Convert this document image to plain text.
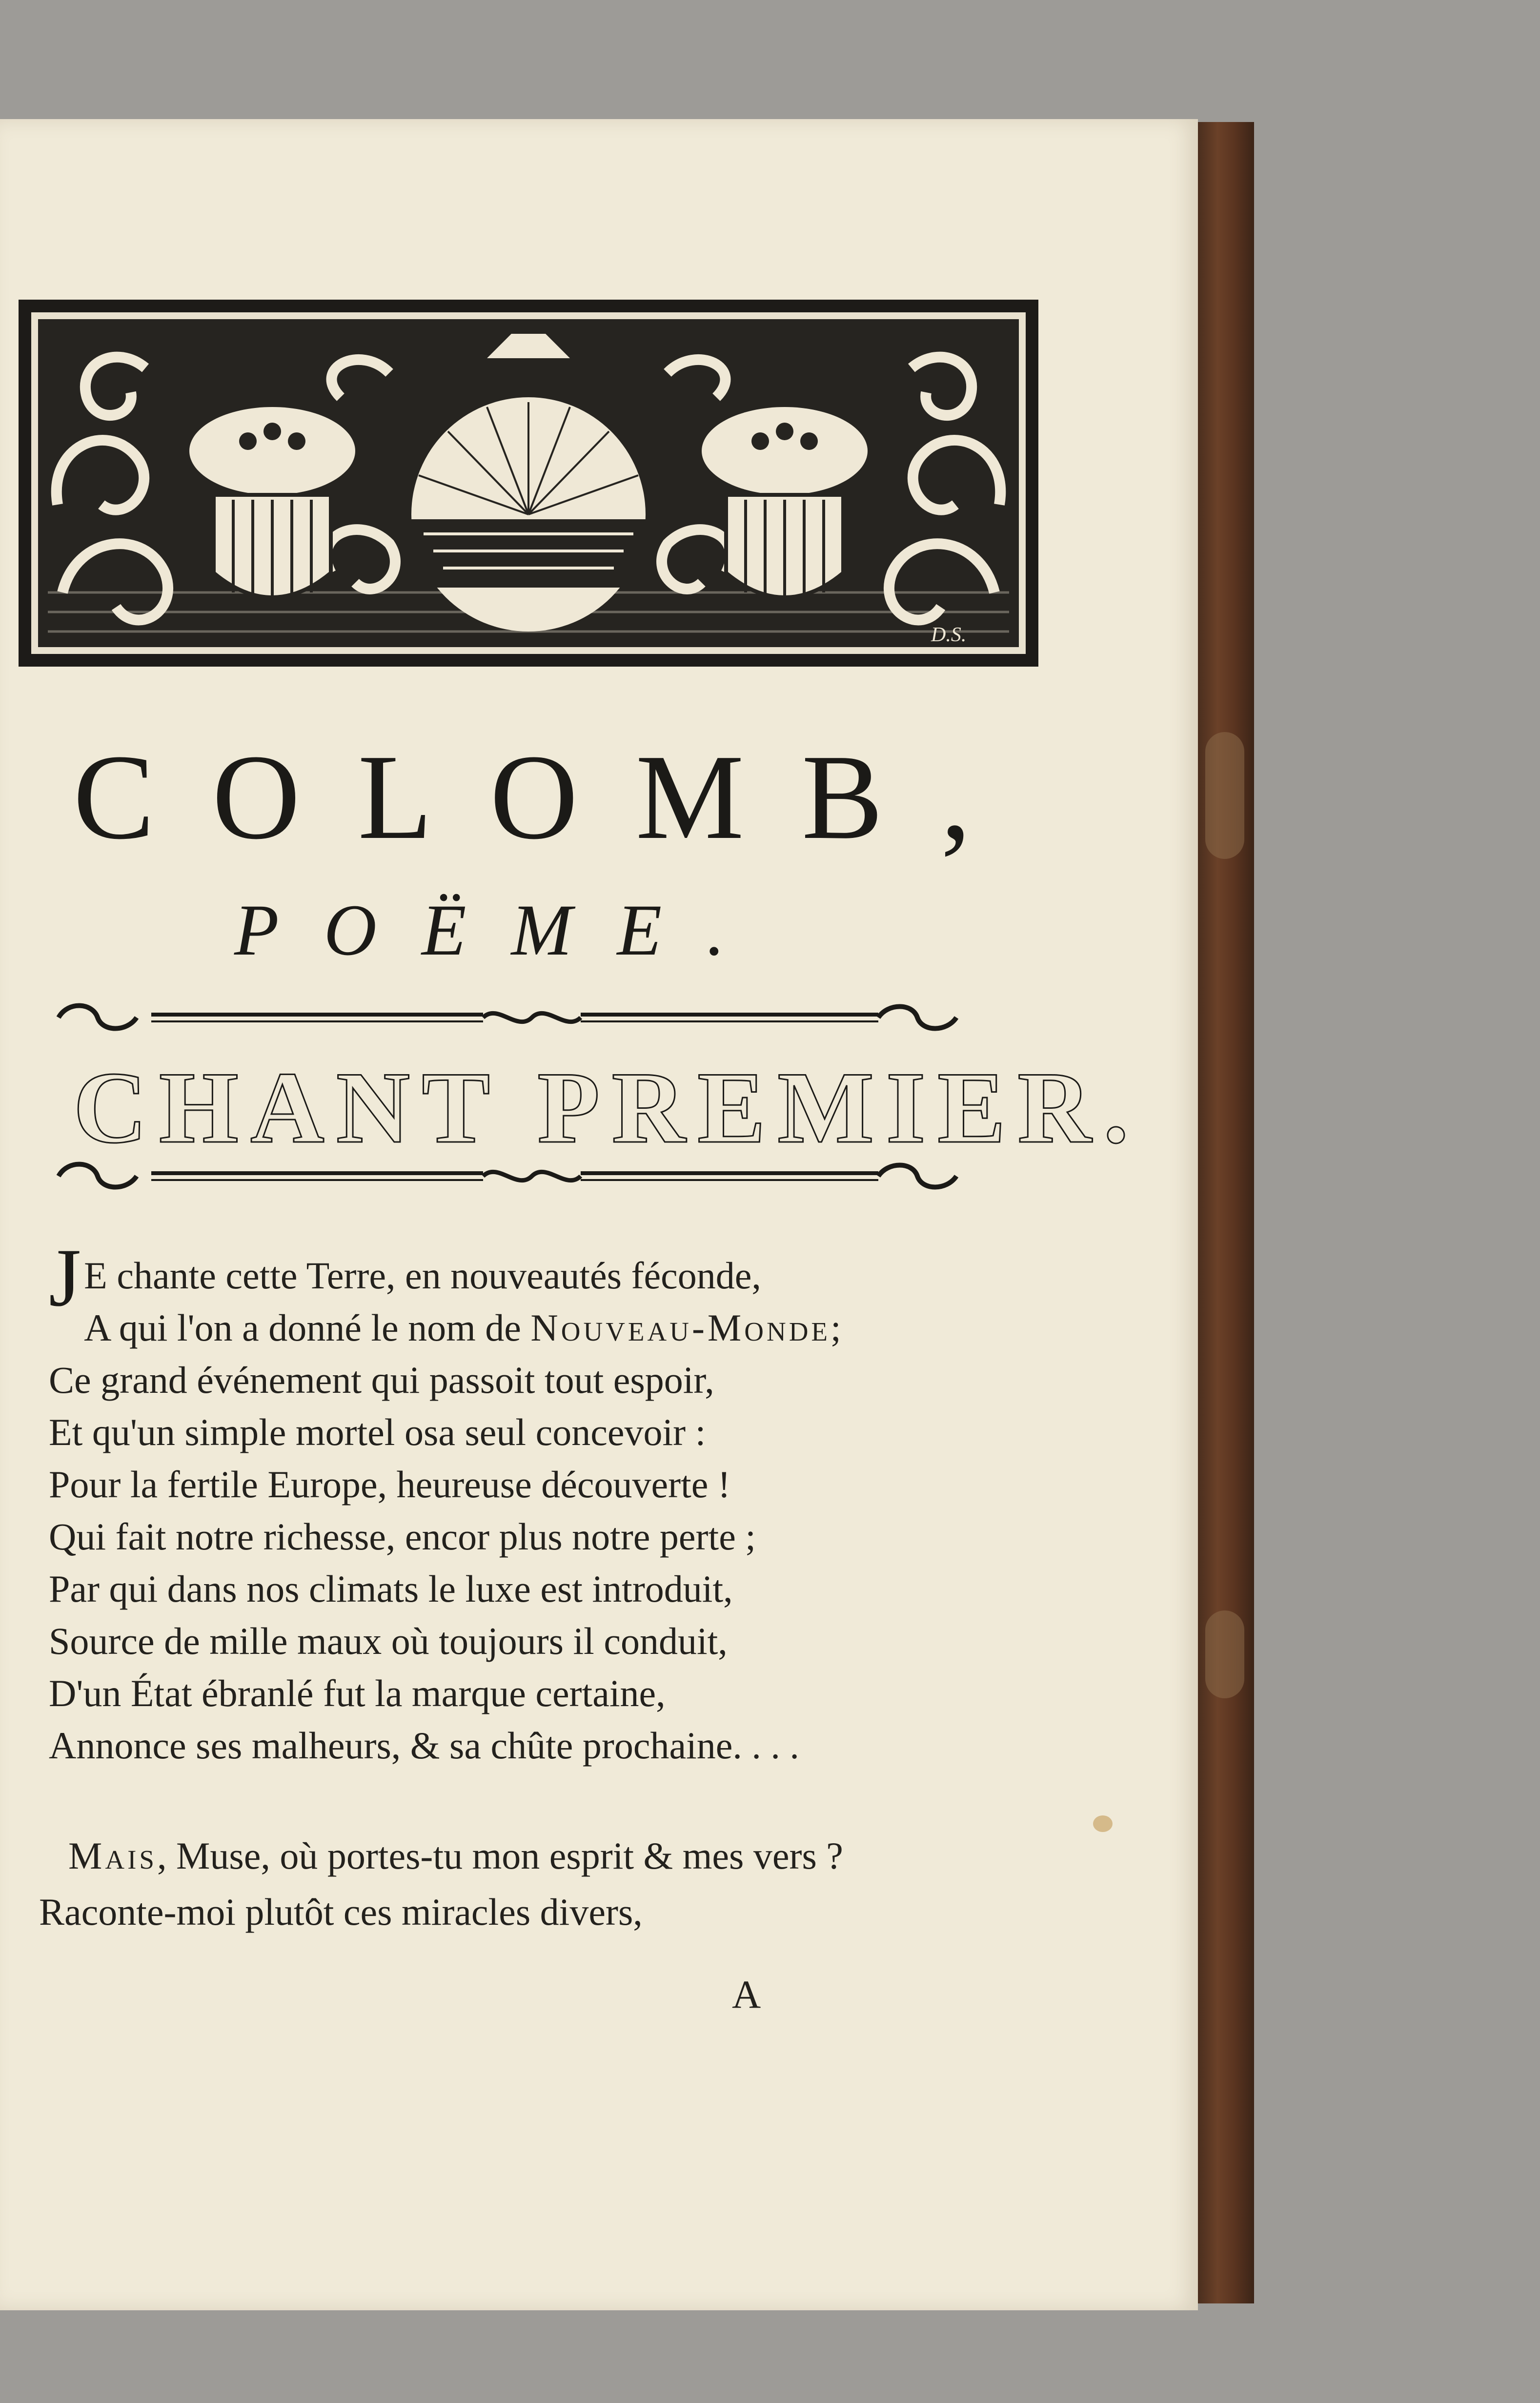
D.S.
COLOMB,
POËME.
CHANT PREMIER.
J E chante cette Terre, en nouveautés féconde,
A qui l'on a donné le nom de Nouveau-Monde;
Ce grand événement qui passoit tout espoir,
Et qu'un simple mortel osa seul concevoir :
Pour la fertile Europe, heureuse découverte !
Qui fait notre richesse, encor plus notre perte ;
Par qui dans nos climats le luxe est introduit,
Source de mille maux où toujours il conduit,
D'un État ébranlé fut la marque certaine,
Annonce ses malheurs, & sa chûte prochaine. . . .
Mais, Muse, où portes-tu mon esprit & mes vers ?
Raconte-moi plutôt ces miracles divers,
A
